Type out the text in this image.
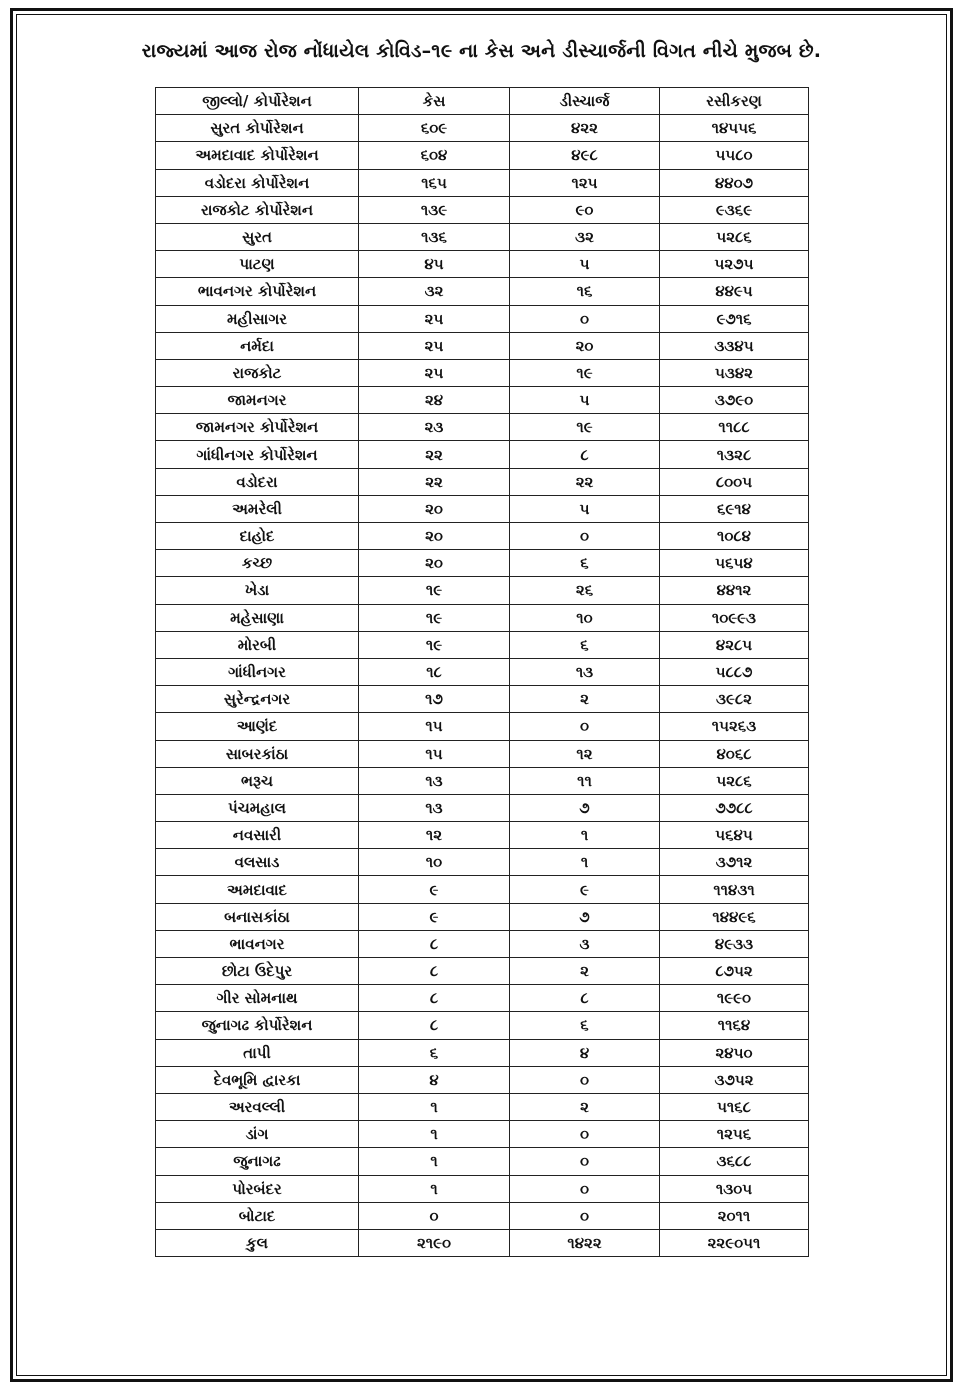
રાજ્યમાં આજ રોજ નોંધાયેલ કોવિડ–૧૯ ના કેસ અને ડીસ્ચાર્જની વિગત નીચે મુજબ છે.
જીલ્લો/ કોર્પોરેશન	કેસ	ડીસ્ચાર્જ	રસીકરણ
સુરત કોર્પોરેશન	૬૦૯	૪૨૨	૧૪૫૫૬
અમદાવાદ કોર્પોરેશન	૬૦૪	૪૯૮	૫૫૮૦
વડોદરા કોર્પોરેશન	૧૬૫	૧૨૫	૪૪૦૭
રાજકોટ કોર્પોરેશન	૧૩૯	૯૦	૯૩૬૯
સુરત	૧૩૬	૩૨	૫૨૮૬
પાટણ	૪૫	૫	૫૨૭૫
ભાવનગર કોર્પોરેશન	૩૨	૧૬	૪૪૯૫
મહીસાગર	૨૫	૦	૯૭૧૬
નર્મદા	૨૫	૨૦	૩૩૪૫
રાજકોટ	૨૫	૧૯	૫૩૪૨
જામનગર	૨૪	૫	૩૭૯૦
જામનગર કોર્પોરેશન	૨૩	૧૯	૧૧૮૮
ગાંધીનગર કોર્પોરેશન	૨૨	૮	૧૩૨૮
વડોદરા	૨૨	૨૨	૮૦૦૫
અમરેલી	૨૦	૫	૬૯૧૪
દાહોદ	૨૦	૦	૧૦૮૪
કચ્છ	૨૦	૬	૫૬૫૪
ખેડા	૧૯	૨૬	૪૪૧૨
મહેસાણા	૧૯	૧૦	૧૦૯૯૩
મોરબી	૧૯	૬	૪૨૮૫
ગાંધીનગર	૧૮	૧૩	૫૮૮૭
સુરેન્દ્રનગર	૧૭	૨	૩૯૮૨
આણંદ	૧૫	૦	૧૫૨૬૩
સાબરકાંઠા	૧૫	૧૨	૪૦૬૮
ભરૂચ	૧૩	૧૧	૫૨૮૬
પંચમહાલ	૧૩	૭	૭૭૮૮
નવસારી	૧૨	૧	૫૬૪૫
વલસાડ	૧૦	૧	૩૭૧૨
અમદાવાદ	૯	૯	૧૧૪૩૧
બનાસકાંઠા	૯	૭	૧૪૪૯૬
ભાવનગર	૮	૩	૪૯૩૩
છોટા ઉદેપુર	૮	૨	૮૭૫૨
ગીર સોમનાથ	૮	૮	૧૯૯૦
જુનાગઢ કોર્પોરેશન	૮	૬	૧૧૬૪
તાપી	૬	૪	૨૪૫૦
દેવભૂમિ દ્વારકા	૪	૦	૩૭૫૨
અરવલ્લી	૧	૨	૫૧૬૮
ડાંગ	૧	૦	૧૨૫૬
જુનાગઢ	૧	૦	૩૬૮૮
પોરબંદર	૧	૦	૧૩૦૫
બોટાદ	૦	૦	૨૦૧૧
કુલ	૨૧૯૦	૧૪૨૨	૨૨૯૦૫૧
